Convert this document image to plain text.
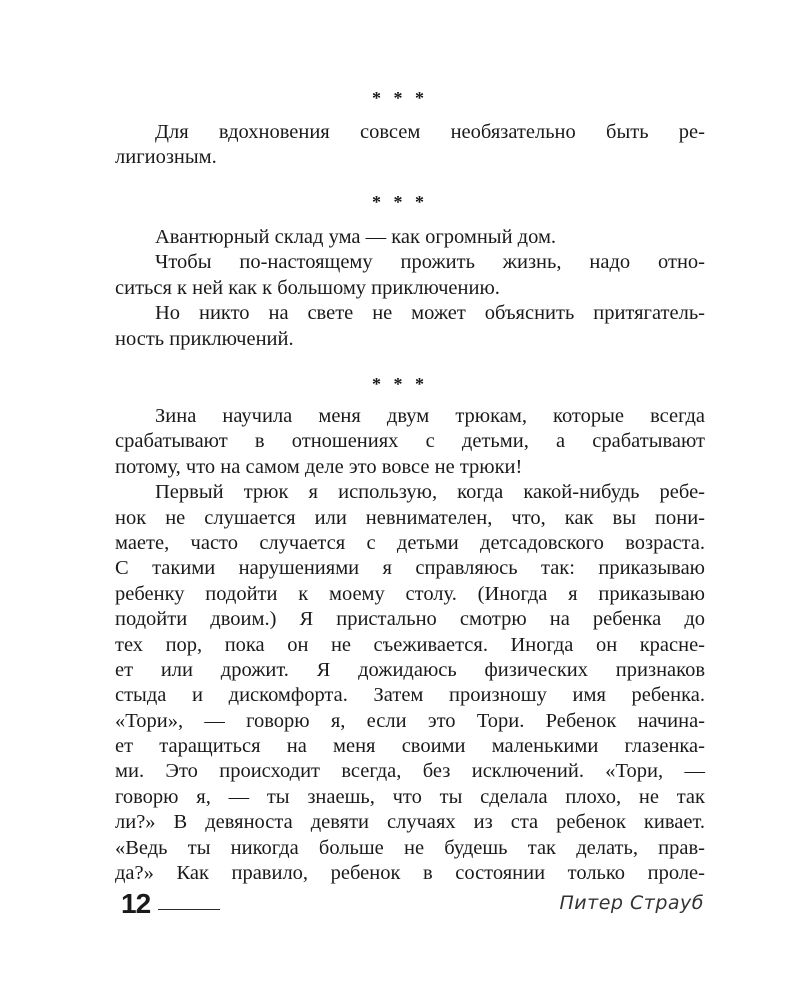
* * *
Для вдохновения совсем необязательно быть ре-
лигиозным.
* * *
Авантюрный склад ума — как огромный дом.
Чтобы по-настоящему прожить жизнь, надо отно-
ситься к ней как к большому приключению.
Но никто на свете не может объяснить притягатель-
ность приключений.
* * *
Зина научила меня двум трюкам, которые всегда
срабатывают в отношениях с детьми, а срабатывают
потому, что на самом деле это вовсе не трюки!
Первый трюк я использую, когда какой-нибудь ребе-
нок не слушается или невнимателен, что, как вы пони-
маете, часто случается с детьми детсадовского возраста.
С такими нарушениями я справляюсь так: приказываю
ребенку подойти к моему столу. (Иногда я приказываю
подойти двоим.) Я пристально смотрю на ребенка до
тех пор, пока он не съеживается. Иногда он краснe-
ет или дрожит. Я дожидаюсь физических признаков
стыда и дискомфорта. Затем произношу имя ребенка.
«Тори», — говорю я, если это Тори. Ребенок начина-
ет таращиться на меня своими маленькими глазенка-
ми. Это происходит всегда, без исключений. «Тори, —
говорю я, — ты знаешь, что ты сделала плохо, не так
ли?» В девяноста девяти случаях из ста ребенок кивает.
«Ведь ты никогда больше не будешь так делать, прав-
да?» Как правило, ребенок в состоянии только проле-
12	Питер Страуб
